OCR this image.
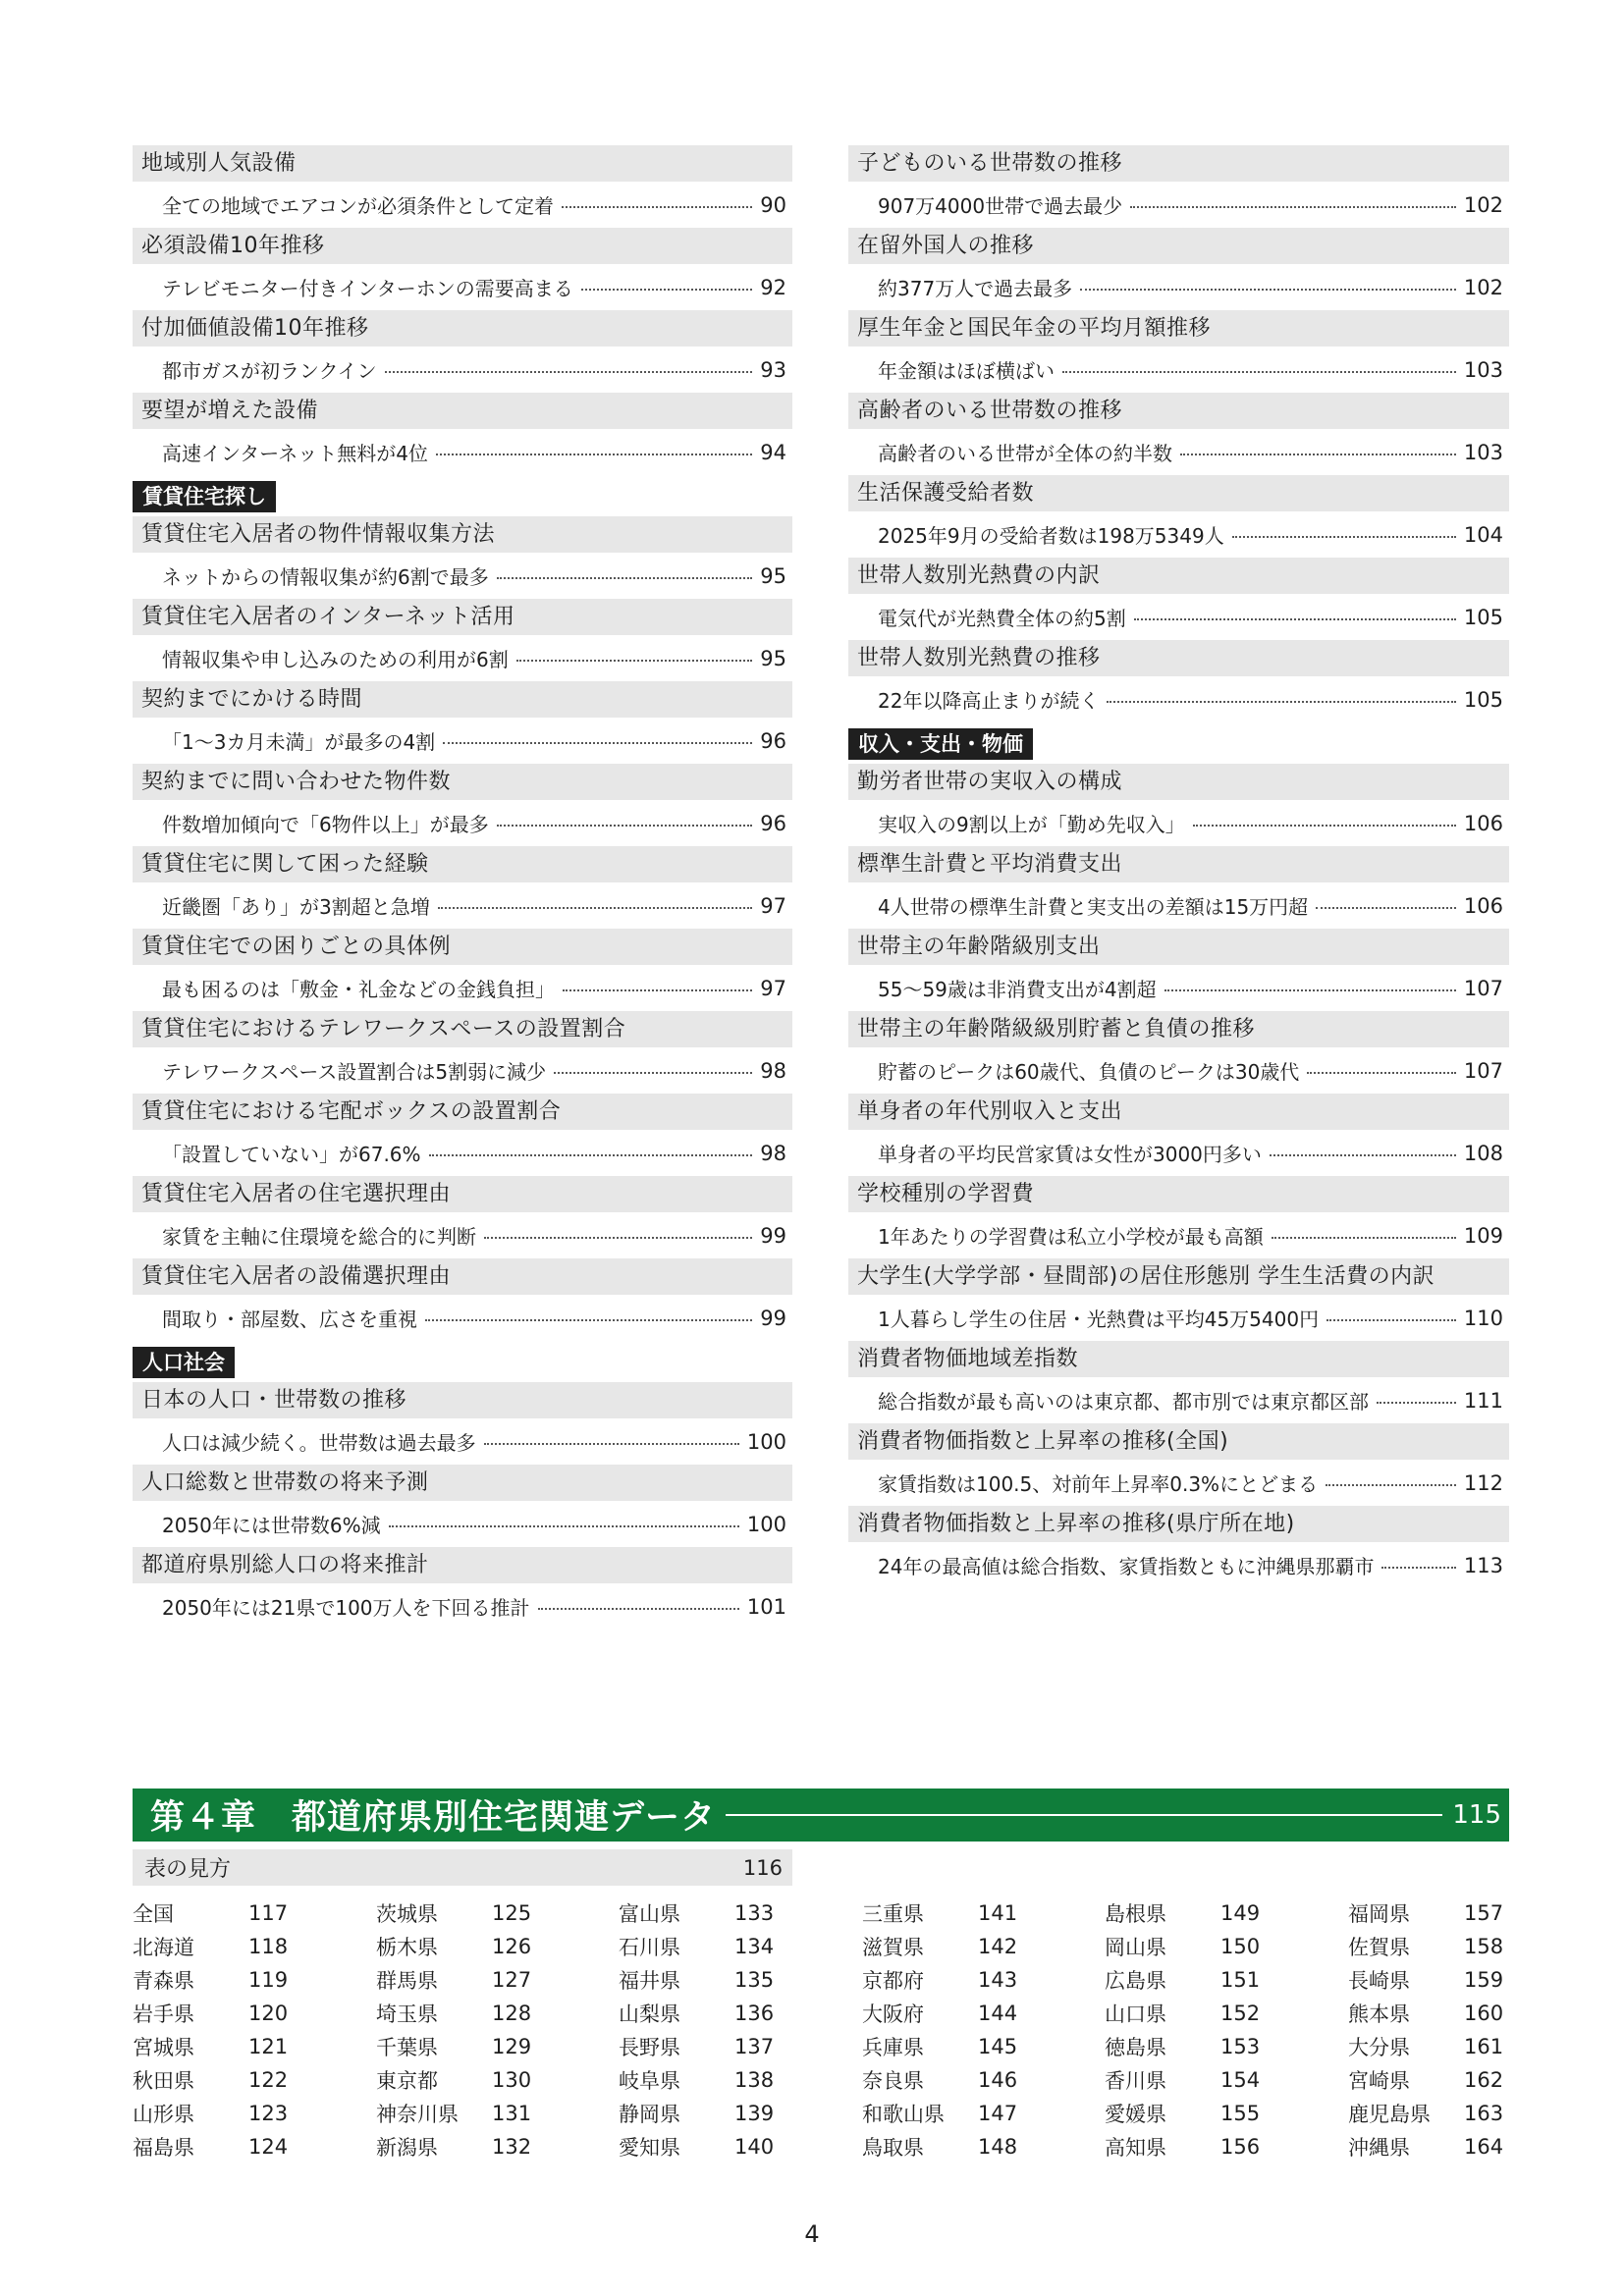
地域別人気設備
全ての地域でエアコンが必須条件として定着	90
必須設備10年推移
テレビモニター付きインターホンの需要高まる	92
付加価値設備10年推移
都市ガスが初ランクイン	93
要望が増えた設備
高速インターネット無料が4位	94
賃貸住宅探し
賃貸住宅入居者の物件情報収集方法
ネットからの情報収集が約6割で最多	95
賃貸住宅入居者のインターネット活用
情報収集や申し込みのための利用が6割	95
契約までにかける時間
「1～3カ月未満」が最多の4割	96
契約までに問い合わせた物件数
件数増加傾向で「6物件以上」が最多	96
賃貸住宅に関して困った経験
近畿圏「あり」が3割超と急増	97
賃貸住宅での困りごとの具体例
最も困るのは「敷金・礼金などの金銭負担」	97
賃貸住宅におけるテレワークスペースの設置割合
テレワークスペース設置割合は5割弱に減少	98
賃貸住宅における宅配ボックスの設置割合
「設置していない」が67.6%	98
賃貸住宅入居者の住宅選択理由
家賃を主軸に住環境を総合的に判断	99
賃貸住宅入居者の設備選択理由
間取り・部屋数、広さを重視	99
人口社会
日本の人口・世帯数の推移
人口は減少続く。世帯数は過去最多	100
人口総数と世帯数の将来予測
2050年には世帯数6%減	100
都道府県別総人口の将来推計
2050年には21県で100万人を下回る推計	101
子どものいる世帯数の推移
907万4000世帯で過去最少	102
在留外国人の推移
約377万人で過去最多	102
厚生年金と国民年金の平均月額推移
年金額はほぼ横ばい	103
高齢者のいる世帯数の推移
高齢者のいる世帯が全体の約半数	103
生活保護受給者数
2025年9月の受給者数は198万5349人	104
世帯人数別光熱費の内訳
電気代が光熱費全体の約5割	105
世帯人数別光熱費の推移
22年以降高止まりが続く	105
収入・支出・物価
勤労者世帯の実収入の構成
実収入の9割以上が「勤め先収入」	106
標準生計費と平均消費支出
4人世帯の標準生計費と実支出の差額は15万円超	106
世帯主の年齢階級別支出
55～59歳は非消費支出が4割超	107
世帯主の年齢階級級別貯蓄と負債の推移
貯蓄のピークは60歳代、負債のピークは30歳代	107
単身者の年代別収入と支出
単身者の平均民営家賃は女性が3000円多い	108
学校種別の学習費
1年あたりの学習費は私立小学校が最も高額	109
大学生(大学学部・昼間部)の居住形態別 学生生活費の内訳
1人暮らし学生の住居・光熱費は平均45万5400円	110
消費者物価地域差指数
総合指数が最も高いのは東京都、都市別では東京都区部	111
消費者物価指数と上昇率の推移(全国)
家賃指数は100.5、対前年上昇率0.3%にとどまる	112
消費者物価指数と上昇率の推移(県庁所在地)
24年の最高値は総合指数、家賃指数ともに沖縄県那覇市	113
第４章　都道府県別住宅関連データ	115
表の見方	116
全国	117
北海道	118
青森県	119
岩手県	120
宮城県	121
秋田県	122
山形県	123
福島県	124
茨城県	125
栃木県	126
群馬県	127
埼玉県	128
千葉県	129
東京都	130
神奈川県	131
新潟県	132
富山県	133
石川県	134
福井県	135
山梨県	136
長野県	137
岐阜県	138
静岡県	139
愛知県	140
三重県	141
滋賀県	142
京都府	143
大阪府	144
兵庫県	145
奈良県	146
和歌山県	147
鳥取県	148
島根県	149
岡山県	150
広島県	151
山口県	152
徳島県	153
香川県	154
愛媛県	155
高知県	156
福岡県	157
佐賀県	158
長崎県	159
熊本県	160
大分県	161
宮崎県	162
鹿児島県	163
沖縄県	164
4
